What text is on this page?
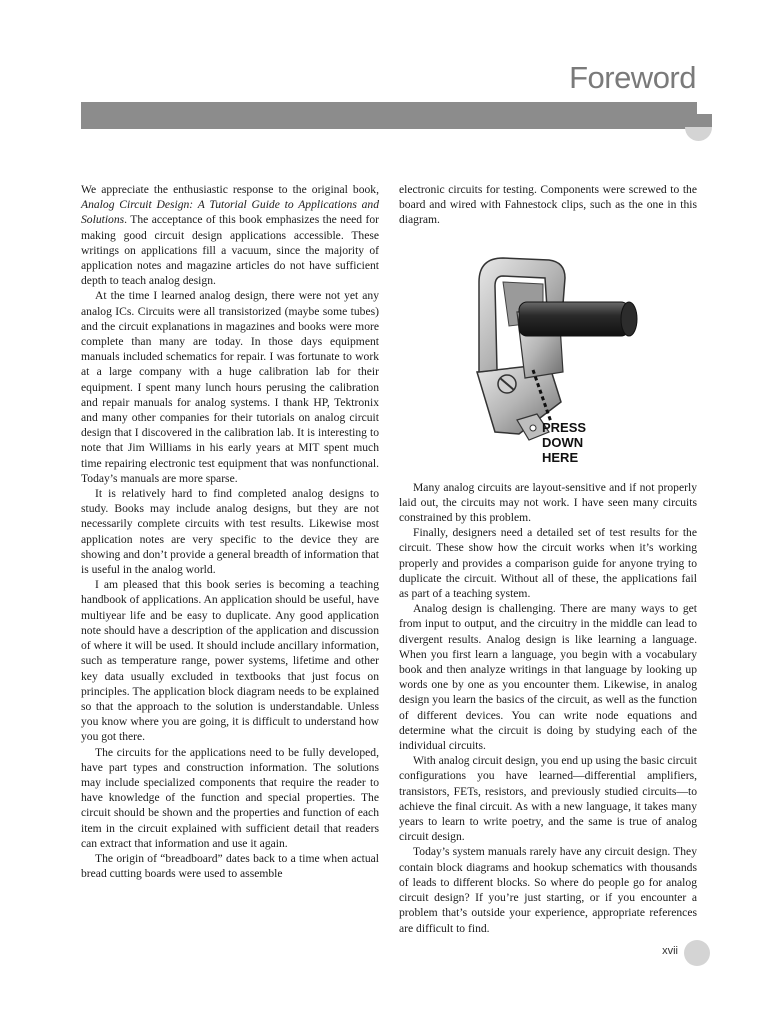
Foreword

We appreciate the enthusiastic response to the original book, Analog Circuit Design: A Tutorial Guide to Applications and Solutions. The acceptance of this book emphasizes the need for making good circuit design applications accessible. These writings on applications fill a vacuum, since the majority of application notes and magazine articles do not have sufficient depth to teach analog design.

At the time I learned analog design, there were not yet any analog ICs. Circuits were all transistorized (maybe some tubes) and the circuit explanations in magazines and books were more complete than many are today. In those days equipment manuals included schematics for repair. I was fortunate to work at a large company with a huge calibration lab for their equipment. I spent many lunch hours perusing the calibration and repair manuals for analog systems. I thank HP, Tektronix and many other companies for their tutorials on analog circuit design that I discovered in the calibration lab. It is interesting to note that Jim Williams in his early years at MIT spent much time repairing electronic test equipment that was nonfunctional. Today’s manuals are more sparse.

It is relatively hard to find completed analog designs to study. Books may include analog designs, but they are not necessarily complete circuits with test results. Likewise most application notes are very specific to the device they are showing and don’t provide a general breadth of information that is useful in the analog world.

I am pleased that this book series is becoming a teaching handbook of applications. An application should be useful, have multiyear life and be easy to duplicate. Any good application note should have a description of the application and discussion of where it will be used. It should include ancillary information, such as temperature range, power systems, lifetime and other key data usually excluded in textbooks that just focus on principles. The application block diagram needs to be explained so that the approach to the solution is understandable. Unless you know where you are going, it is difficult to understand how you got there.

The circuits for the applications need to be fully developed, have part types and construction information. The solutions may include specialized components that require the reader to have knowledge of the function and special properties. The circuit should be shown and the properties and function of each item in the circuit explained with sufficient detail that readers can extract that information and use it again.

The origin of “breadboard” dates back to a time when actual bread cutting boards were used to assemble

electronic circuits for testing. Components were screwed to the board and wired with Fahnestock clips, such as the one in this diagram.

PRESS
DOWN
HERE

Many analog circuits are layout-sensitive and if not properly laid out, the circuits may not work. I have seen many circuits constrained by this problem.

Finally, designers need a detailed set of test results for the circuit. These show how the circuit works when it’s working properly and provides a comparison guide for anyone trying to duplicate the circuit. Without all of these, the applications fail as part of a teaching system.

Analog design is challenging. There are many ways to get from input to output, and the circuitry in the middle can lead to divergent results. Analog design is like learning a language. When you first learn a language, you begin with a vocabulary book and then analyze writings in that language by looking up words one by one as you encounter them. Likewise, in analog design you learn the basics of the circuit, as well as the function of different devices. You can write node equations and determine what the circuit is doing by studying each of the individual circuits.

With analog circuit design, you end up using the basic circuit configurations you have learned—differential amplifiers, transistors, FETs, resistors, and previously studied circuits—to achieve the final circuit. As with a new language, it takes many years to learn to write poetry, and the same is true of analog circuit design.

Today’s system manuals rarely have any circuit design. They contain block diagrams and hookup schematics with thousands of leads to different blocks. So where do people go for analog circuit design? If you’re just starting, or if you encounter a problem that’s outside your experience, appropriate references are difficult to find.

xvii
